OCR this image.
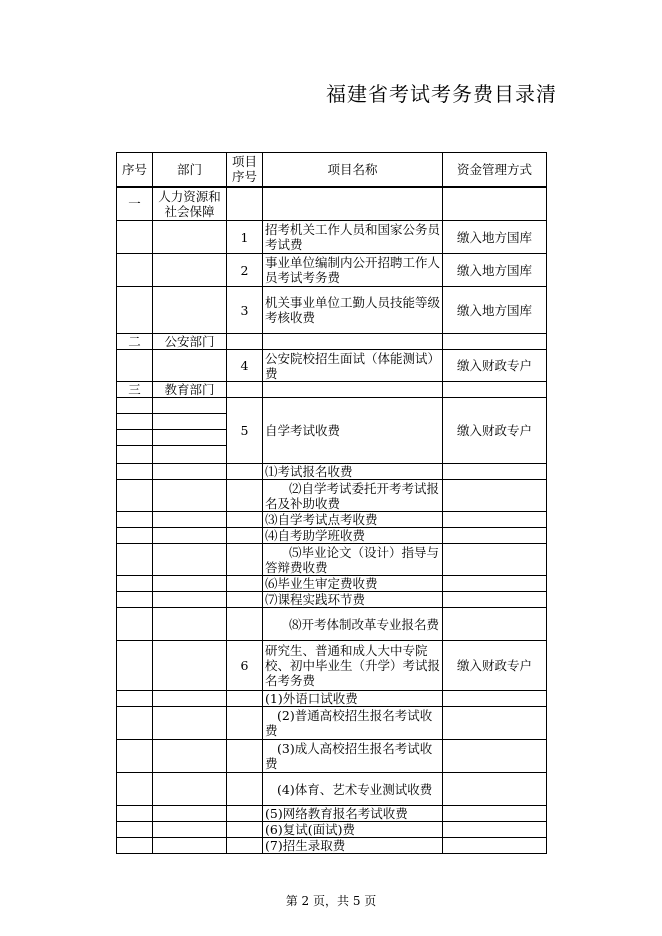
福建省考试考务费目录清
序号	部门	项目序号	项目名称	资金管理方式
一	人力资源和社会保障			
		1	招考机关工作人员和国家公务员考试费	缴入地方国库
		2	事业单位编制内公开招聘工作人员考试考务费	缴入地方国库
		3	机关事业单位工勤人员技能等级考核收费	缴入地方国库
二	公安部门			
		4	公安院校招生面试（体能测试）费	缴入财政专户
三	教育部门			
		5	自学考试收费	缴入财政专户

			⑴考试报名收费	
			⑵自学考试委托开考考试报名及补助收费	
			⑶自学考试点考收费	
			⑷自考助学班收费	
			⑸毕业论文（设计）指导与答辩费收费	
			⑹毕业生审定费收费	
			⑺课程实践环节费	
			⑻开考体制改革专业报名费	
		6	研究生、普通和成人大中专院校、初中毕业生（升学）考试报名考务费	缴入财政专户
			(1)外语口试收费	
			(2)普通高校招生报名考试收费	
			(3)成人高校招生报名考试收费	
			(4)体育、艺术专业测试收费	
			(5)网络教育报名考试收费	
			(6)复试(面试)费	
			(7)招生录取费	
第 2 页，共 5 页
